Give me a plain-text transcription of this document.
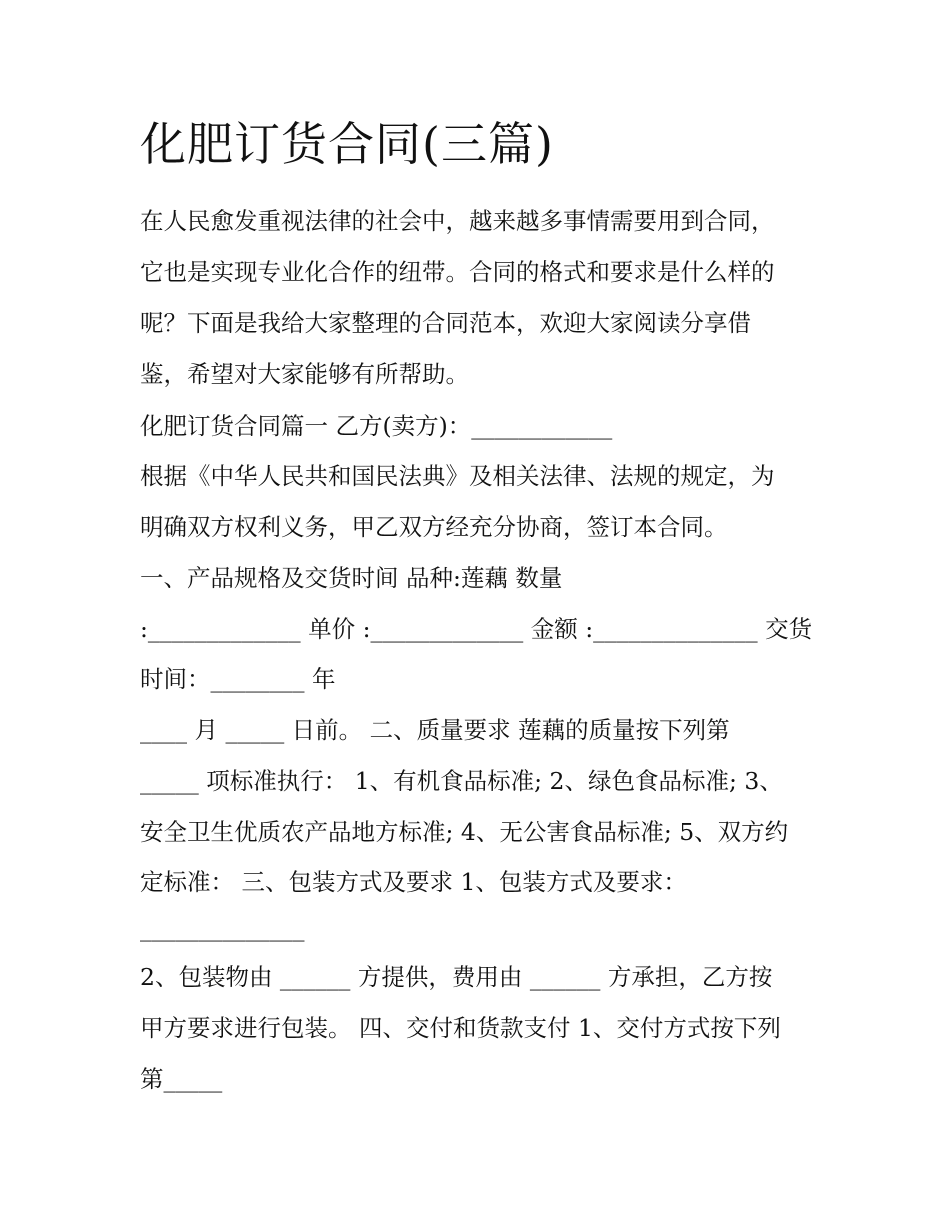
化肥订货合同(三篇)
在人民愈发重视法律的社会中，越来越多事情需要用到合同，
它也是实现专业化合作的纽带。合同的格式和要求是什么样的
呢？下面是我给大家整理的合同范本，欢迎大家阅读分享借
鉴，希望对大家能够有所帮助。
化肥订货合同篇一 乙方(卖方)：____________
根据《中华人民共和国民法典》及相关法律、法规的规定，为
明确双方权利义务，甲乙双方经充分协商，签订本合同。
一、产品规格及交货时间 品种:莲藕 数量
:_____________ 单价 :_____________ 金额 :______________ 交货
时间：________ 年
____ 月 _____ 日前。 二、质量要求 莲藕的质量按下列第
_____ 项标准执行： 1、有机食品标准; 2、绿色食品标准; 3、
安全卫生优质农产品地方标准; 4、无公害食品标准; 5、双方约
定标准： 三、包装方式及要求 1、包装方式及要求：
______________
2、包装物由 ______ 方提供，费用由 ______ 方承担，乙方按
甲方要求进行包装。 四、交付和货款支付 1、交付方式按下列
第_____
